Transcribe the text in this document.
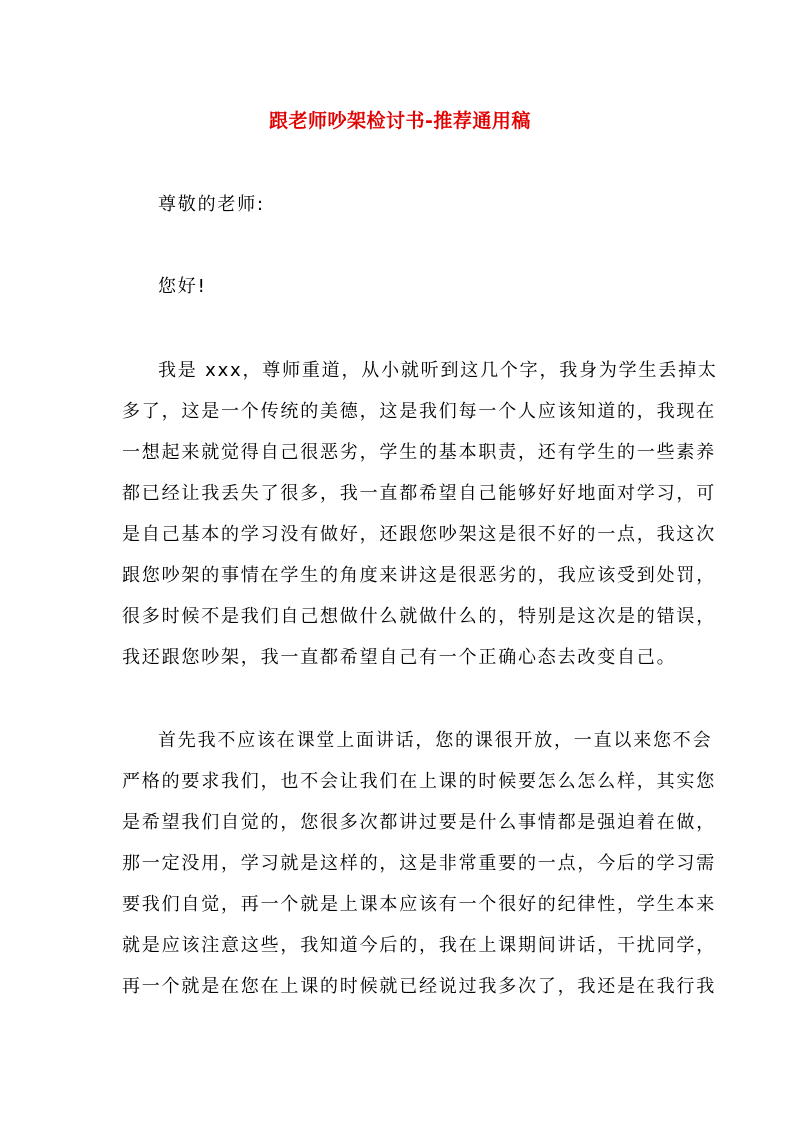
跟老师吵架检讨书-推荐通用稿
尊敬的老师:
您好!
我是 xxx，尊师重道，从小就听到这几个字，我身为学生丢掉太
多了，这是一个传统的美德，这是我们每一个人应该知道的，我现在
一想起来就觉得自己很恶劣，学生的基本职责，还有学生的一些素养
都已经让我丢失了很多，我一直都希望自己能够好好地面对学习，可
是自己基本的学习没有做好，还跟您吵架这是很不好的一点，我这次
跟您吵架的事情在学生的角度来讲这是很恶劣的，我应该受到处罚，
很多时候不是我们自己想做什么就做什么的，特别是这次是的错误，
我还跟您吵架，我一直都希望自己有一个正确心态去改变自己。
首先我不应该在课堂上面讲话，您的课很开放，一直以来您不会
严格的要求我们，也不会让我们在上课的时候要怎么怎么样，其实您
是希望我们自觉的，您很多次都讲过要是什么事情都是强迫着在做，
那一定没用，学习就是这样的，这是非常重要的一点，今后的学习需
要我们自觉，再一个就是上课本应该有一个很好的纪律性，学生本来
就是应该注意这些，我知道今后的，我在上课期间讲话，干扰同学，
再一个就是在您在上课的时候就已经说过我多次了，我还是在我行我
